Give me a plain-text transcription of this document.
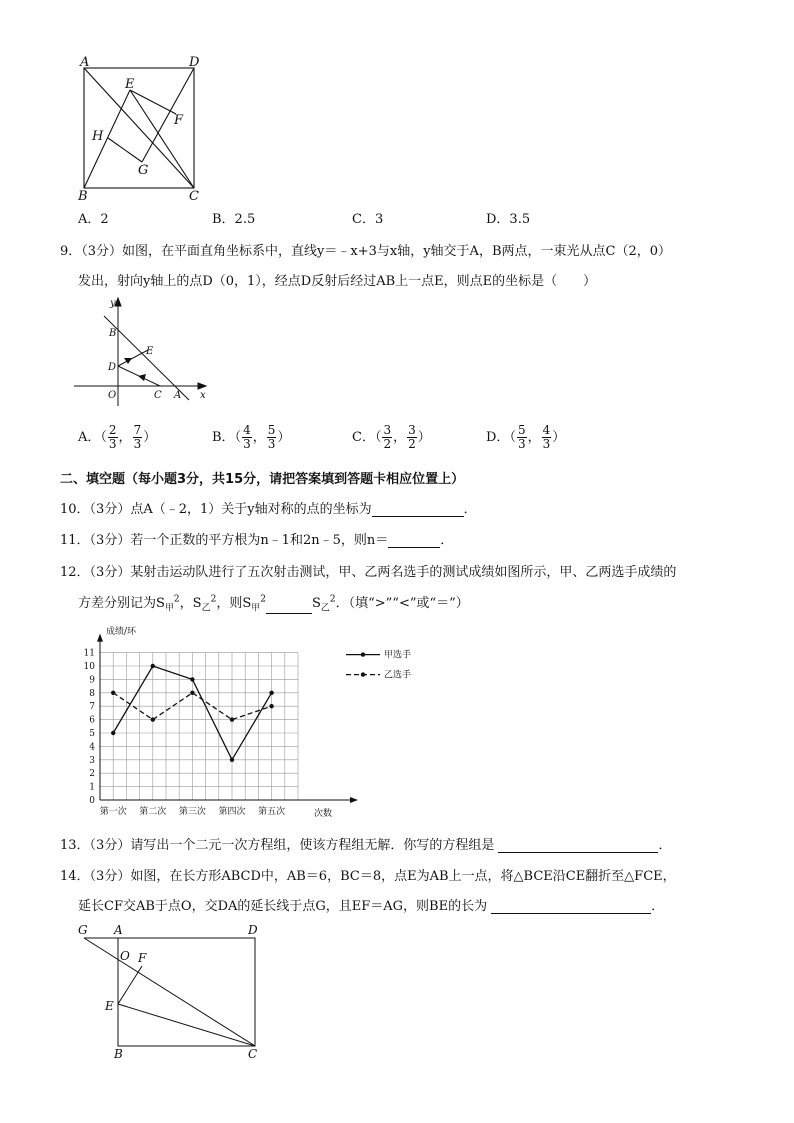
A	D
E
F
H
G
B	C
A．2	B．2.5	C．3	D．3.5
9．（3分）如图，在平面直角坐标系中，直线y＝﹣x+3与x轴，y轴交于A，B两点，一束光从点C（2，0）
发出，射向y轴上的点D（0，1），经点D反射后经过AB上一点E，则点E的坐标是（　　）
y
B
E
D
O	C A x
A．（ $\frac{2}{3}$ ， $\frac{7}{3}$ ）	B．（ $\frac{4}{3}$ ， $\frac{5}{3}$ ）	C．（ $\frac{3}{2}$ ， $\frac{3}{2}$ ）	D．（ $\frac{5}{3}$ ， $\frac{4}{3}$ ）
二、填空题（每小题3分，共15分，请把答案填到答题卡相应位置上）
10．（3分）点A（﹣2，1）关于y轴对称的点的坐标为	．
11．（3分）若一个正数的平方根为n﹣1和2n﹣5，则n＝	．
12．（3分）某射击运动队进行了五次射击测试，甲、乙两名选手的测试成绩如图所示，甲、乙两选手成绩的
方差分别记为$S_甲^2$，$S_乙^2$，则$S_甲^2$	$S_乙^2$．（填“>”“<”或“＝”）
0
1
2
3
4
5
6
7
8
9
10
11
第一次 第二次 第三次 第四次 第五次
甲选手
乙选手
成绩/环
次数
13．（3分）请写出一个二元一次方程组，使该方程组无解．你写的方程组是	．
14．（3分）如图，在长方形ABCD中，AB＝6，BC＝8，点E为AB上一点，将△BCE沿CE翻折至△FCE，
延长CF交AB于点O，交DA的延长线于点G，且EF＝AG，则BE的长为	．
G A	D
O F
E
B	C
